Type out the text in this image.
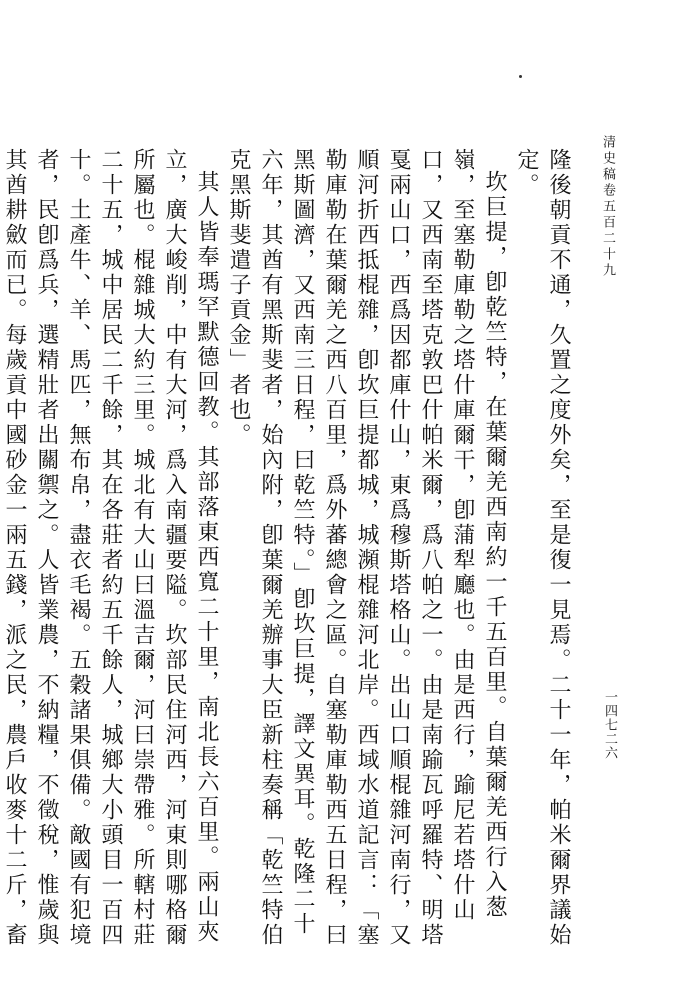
清史稿卷五百二十九
一四七二六

隆後朝貢不通，久置之度外矣，至是復一見焉。二十一年，帕米爾界議始定。

坎巨提，卽乾竺特，在葉爾羌西南約一千五百里。自葉爾羌西行入葱嶺，至塞勒庫勒之塔什庫爾干，卽蒲犁廳也。由是西行，踰尼若塔什山口，又西南至塔克敦巴什帕米爾，爲八帕之一。由是南踰瓦呼羅特、明塔戛兩山口，西爲因都庫什山，東爲穆斯塔格山。出山口順棍雜河南行，又順河折西抵棍雜，卽坎巨提都城，城瀕棍雜河北岸。西域水道記言：「塞勒庫勒在葉爾羌之西八百里，爲外蕃總會之區。自塞勒庫勒西五日程，曰黑斯圖濟，又西南三日程，曰乾竺特。」卽坎巨提，譯文異耳。乾隆二十六年，其酋有黑斯斐者，始內附，卽葉爾羌辦事大臣新柱奏稱「乾竺特伯克黑斯斐遣子貢金」者也。

其人皆奉瑪罕默德回教。其部落東西寬二十里，南北長六百里。兩山夾立，廣大峻削，中有大河，爲入南疆要隘。坎部民住河西，河東則哪格爾所屬也。棍雜城大約三里。城北有大山曰溫吉爾，河曰崇帶雅。所轄村莊二十五，城中居民二千餘，其在各莊者約五千餘人，城鄉大小頭目一百四十。土產牛、羊、馬匹，無布帛，盡衣毛褐。五穀諸果俱備。敵國有犯境者，民卽爲兵，選精壯者出關禦之。人皆業農，不納糧，不徵稅，惟歲與其酋耕斂而已。每歲貢中國砂金一兩五錢，派之民，農戶收麥十二斤，畜
